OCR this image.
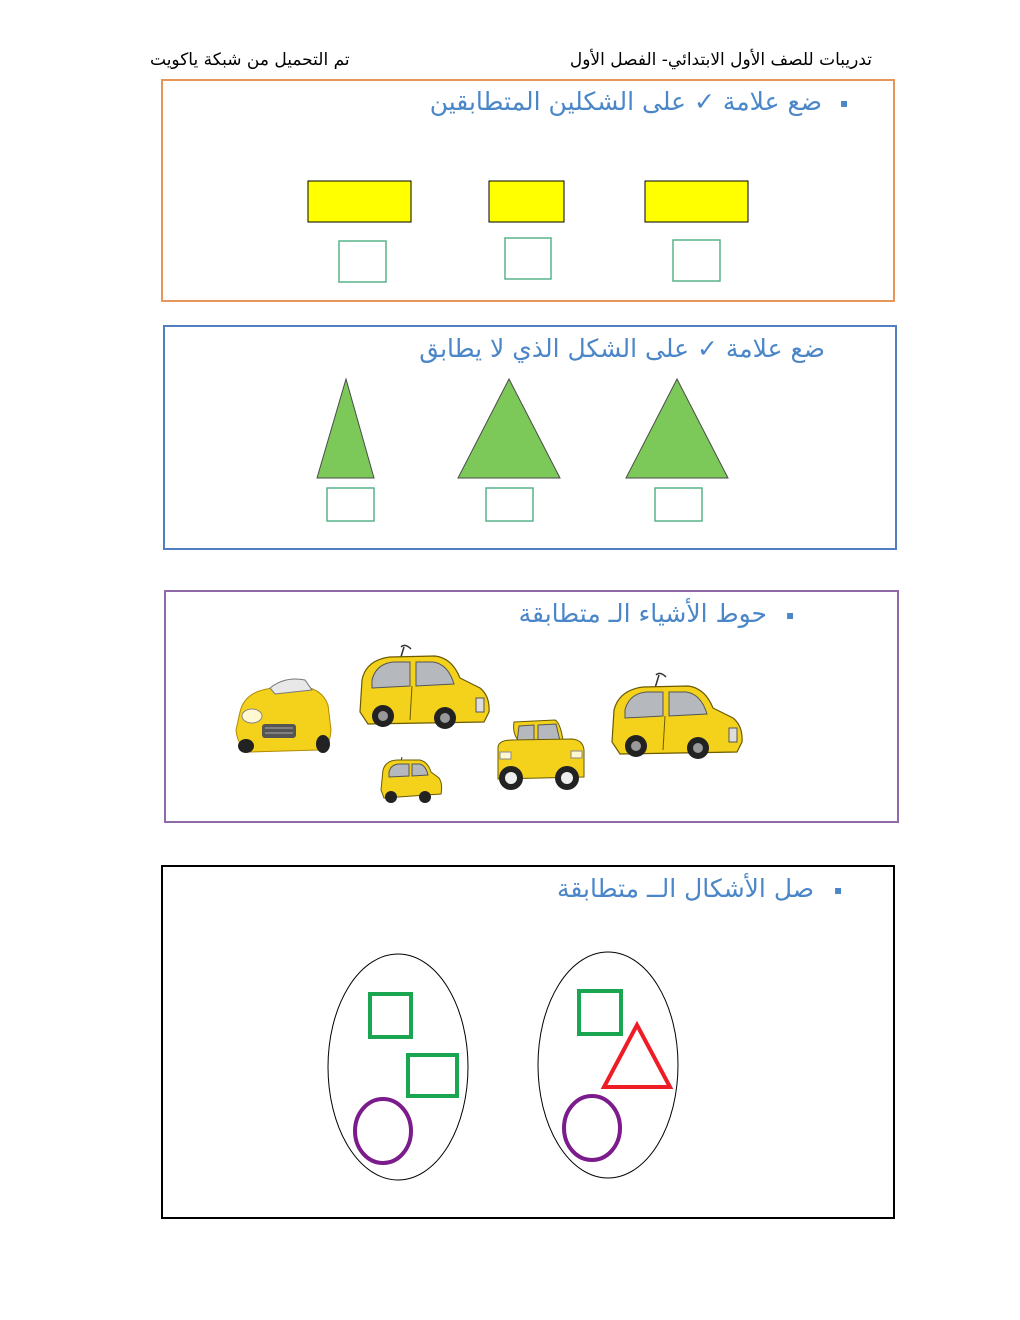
تدريبات للصف الأول الابتدائي- الفصل الأول
تم التحميل من شبكة ياكويت
▪
ضع علامة ✓ على الشكلين المتطابقين
ضع علامة ✓ على الشكل الذي لا يطابق
▪
حوط الأشياء الـ متطابقة
▪
صل الأشكال الــ متطابقة
